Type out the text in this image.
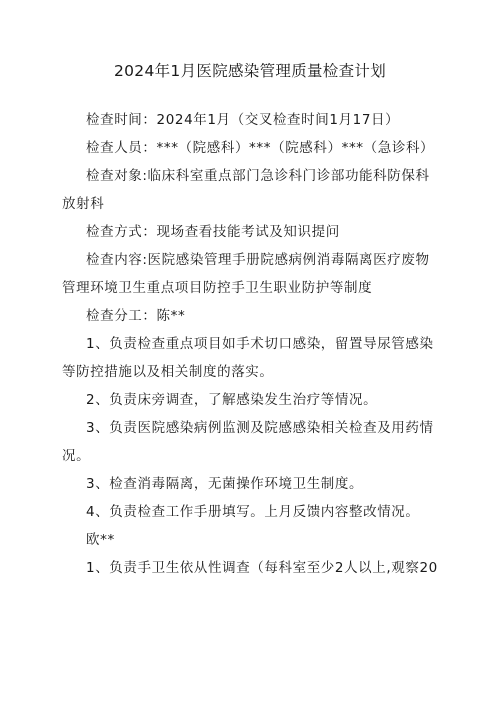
2024年1月医院感染管理质量检查计划
检查时间：2024年1月（交叉检查时间1月17日）
检查人员：***（院感科）***（院感科）***（急诊科）
检查对象:临床科室重点部门急诊科门诊部功能科防保科
放射科
检查方式：现场查看技能考试及知识提问
检查内容:医院感染管理手册院感病例消毒隔离医疗废物
管理环境卫生重点项目防控手卫生职业防护等制度
检查分工：陈**
1、负责检查重点项目如手术切口感染，留置导尿管感染
等防控措施以及相关制度的落实。
2、负责床旁调查，了解感染发生治疗等情况。
3、负责医院感染病例监测及院感感染相关检查及用药情
况。
3、检查消毒隔离，无菌操作环境卫生制度。
4、负责检查工作手册填写。上月反馈内容整改情况。
欧**
1、负责手卫生依从性调查（每科室至少2人以上,观察20
